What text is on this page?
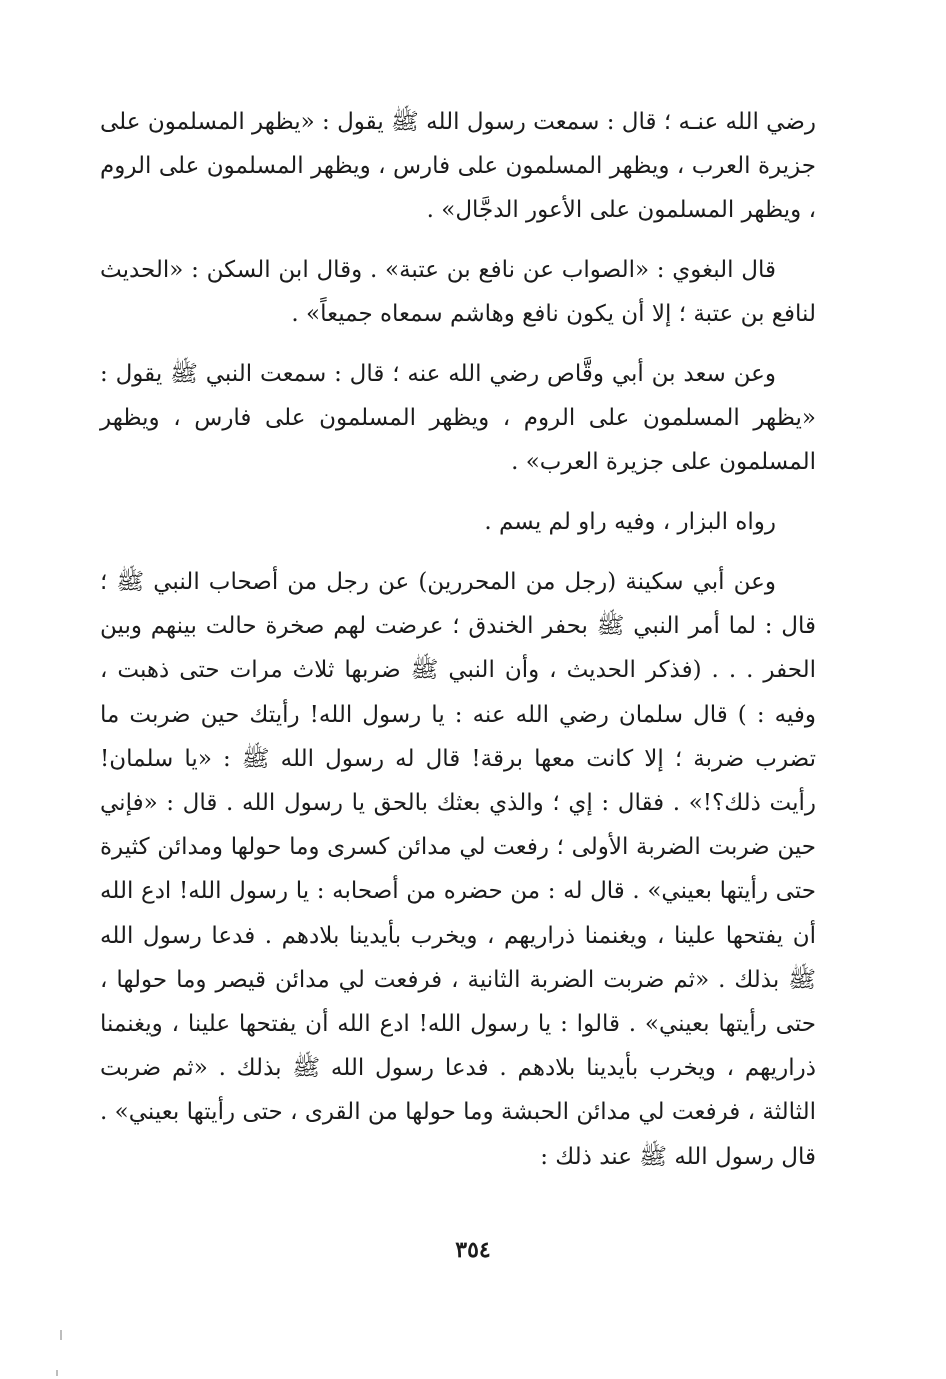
رضي الله عنـه ؛ قال : سمعت رسول الله ﷺ يقول : «يظهر المسلمون على جزيرة العرب ، ويظهر المسلمون على فارس ، ويظهر المسلمون على الروم ، ويظهر المسلمون على الأعور الدجَّال» .

قال البغوي : «الصواب عن نافع بن عتبة» . وقال ابن السكن : «الحديث لنافع بن عتبة ؛ إلا أن يكون نافع وهاشم سمعاه جميعاً» .

وعن سعد بن أبي وقَّاص رضي الله عنه ؛ قال : سمعت النبي ﷺ يقول : «يظهر المسلمون على الروم ، ويظهر المسلمون على فارس ، ويظهر المسلمون على جزيرة العرب» .

رواه البزار ، وفيه راو لم يسم .

وعن أبي سكينة (رجل من المحررين) عن رجل من أصحاب النبي ﷺ ؛ قال : لما أمر النبي ﷺ بحفر الخندق ؛ عرضت لهم صخرة حالت بينهم وبين الحفر . . . (فذكر الحديث ، وأن النبي ﷺ ضربها ثلاث مرات حتى ذهبت ، وفيه : ) قال سلمان رضي الله عنه : يا رسول الله! رأيتك حين ضربت ما تضرب ضربة ؛ إلا كانت معها برقة! قال له رسول الله ﷺ : «يا سلمان! رأيت ذلك؟!» . فقال : إي ؛ والذي بعثك بالحق يا رسول الله . قال : «فإني حين ضربت الضربة الأولى ؛ رفعت لي مدائن كسرى وما حولها ومدائن كثيرة حتى رأيتها بعيني» . قال له : من حضره من أصحابه : يا رسول الله! ادع الله أن يفتحها علينا ، ويغنمنا ذراريهم ، ويخرب بأيدينا بلادهم . فدعا رسول الله ﷺ بذلك . «ثم ضربت الضربة الثانية ، فرفعت لي مدائن قيصر وما حولها ، حتى رأيتها بعيني» . قالوا : يا رسول الله! ادع الله أن يفتحها علينا ، ويغنمنا ذراريهم ، ويخرب بأيدينا بلادهم . فدعا رسول الله ﷺ بذلك . «ثم ضربت الثالثة ، فرفعت لي مدائن الحبشة وما حولها من القرى ، حتى رأيتها بعيني» . قال رسول الله ﷺ عند ذلك :

٣٥٤
